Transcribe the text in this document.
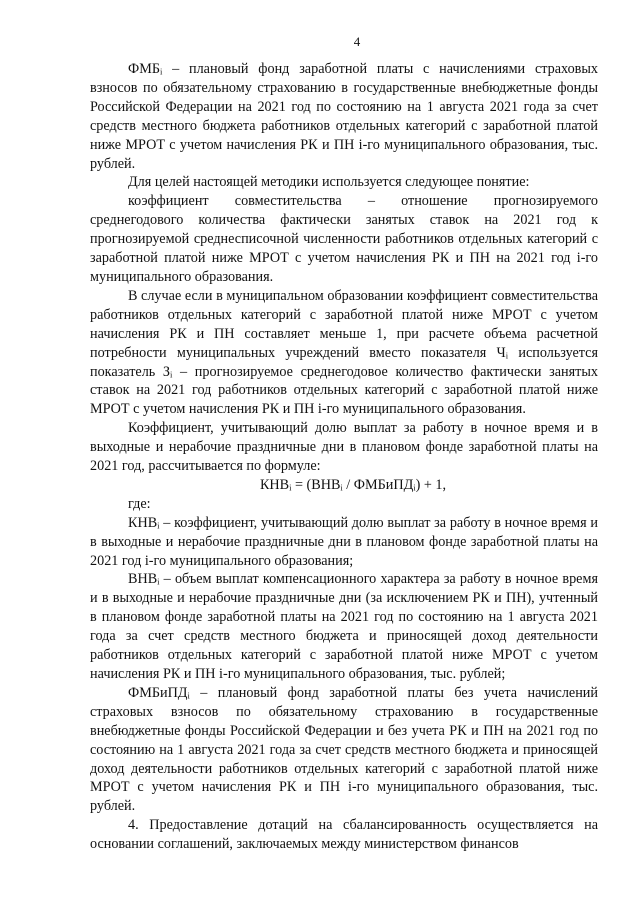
4

ФМБᵢ – плановый фонд заработной платы с начислениями страховых взносов по обязательному страхованию в государственные внебюджетные фонды Российской Федерации на 2021 год по состоянию на 1 августа 2021 года за счет средств местного бюджета работников отдельных категорий с заработной платой ниже МРОТ с учетом начисления РК и ПН i-го муниципального образования, тыс. рублей.

Для целей настоящей методики используется следующее понятие:

коэффициент совместительства – отношение прогнозируемого среднегодового количества фактически занятых ставок на 2021 год к прогнозируемой среднесписочной численности работников отдельных категорий с заработной платой ниже МРОТ с учетом начисления РК и ПН на 2021 год i-го муниципального образования.

В случае если в муниципальном образовании коэффициент совместительства работников отдельных категорий с заработной платой ниже МРОТ с учетом начисления РК и ПН составляет меньше 1, при расчете объема расчетной потребности муниципальных учреждений вместо показателя Чᵢ используется показатель Зᵢ – прогнозируемое среднегодовое количество фактически занятых ставок на 2021 год работников отдельных категорий с заработной платой ниже МРОТ с учетом начисления РК и ПН i-го муниципального образования.

Коэффициент, учитывающий долю выплат за работу в ночное время и в выходные и нерабочие праздничные дни в плановом фонде заработной платы на 2021 год, рассчитывается по формуле:

КНВᵢ = (ВНВᵢ / ФМБиПДᵢ) + 1,

где:

КНВᵢ – коэффициент, учитывающий долю выплат за работу в ночное время и в выходные и нерабочие праздничные дни в плановом фонде заработной платы на 2021 год i-го муниципального образования;

ВНВᵢ – объем выплат компенсационного характера за работу в ночное время и в выходные и нерабочие праздничные дни (за исключением РК и ПН), учтенный в плановом фонде заработной платы на 2021 год по состоянию на 1 августа 2021 года за счет средств местного бюджета и приносящей доход деятельности работников отдельных категорий с заработной платой ниже МРОТ с учетом начисления РК и ПН i-го муниципального образования, тыс. рублей;

ФМБиПДᵢ – плановый фонд заработной платы без учета начислений страховых взносов по обязательному страхованию в государственные внебюджетные фонды Российской Федерации и без учета РК и ПН на 2021 год по состоянию на 1 августа 2021 года за счет средств местного бюджета и приносящей доход деятельности работников отдельных категорий с заработной платой ниже МРОТ с учетом начисления РК и ПН i-го муниципального образования, тыс. рублей.

4. Предоставление дотаций на сбалансированность осуществляется на основании соглашений, заключаемых между министерством финансов
